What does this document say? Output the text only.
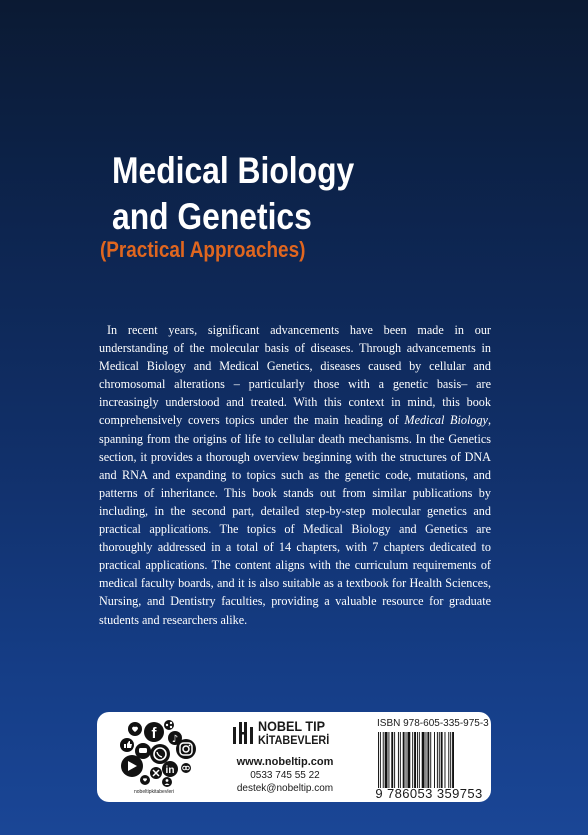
Medical Biology
and Genetics
(Practical Approaches)

In recent years, significant advancements have been made in our understanding of the molecular basis of diseases. Through advancements in Medical Biology and Medical Genetics, diseases caused by cellular and chromosomal alterations – particularly those with a genetic basis– are increasingly understood and treated. With this context in mind, this book comprehensively covers topics under the main heading of Medical Biology, spanning from the origins of life to cellular death mechanisms. In the Genetics section, it provides a thorough overview beginning with the structures of DNA and RNA and expanding to topics such as the genetic code, mutations, and patterns of inheritance. This book stands out from similar publications by including, in the second part, detailed step-by-step molecular genetics and practical applications. The topics of Medical Biology and Genetics are thoroughly addressed in a total of 14 chapters, with 7 chapters dedicated to practical applications. The content aligns with the curriculum requirements of medical faculty boards, and it is also suitable as a textbook for Health Sciences, Nursing, and Dentistry faculties, providing a valuable resource for graduate students and researchers alike.

f ♪
in
nobeltipkitabevleri
NOBEL TIP
KİTABEVLERİ
www.nobeltip.com
0533 745 55 22
destek@nobeltip.com
ISBN 978-605-335-975-3
9 786053 359753
